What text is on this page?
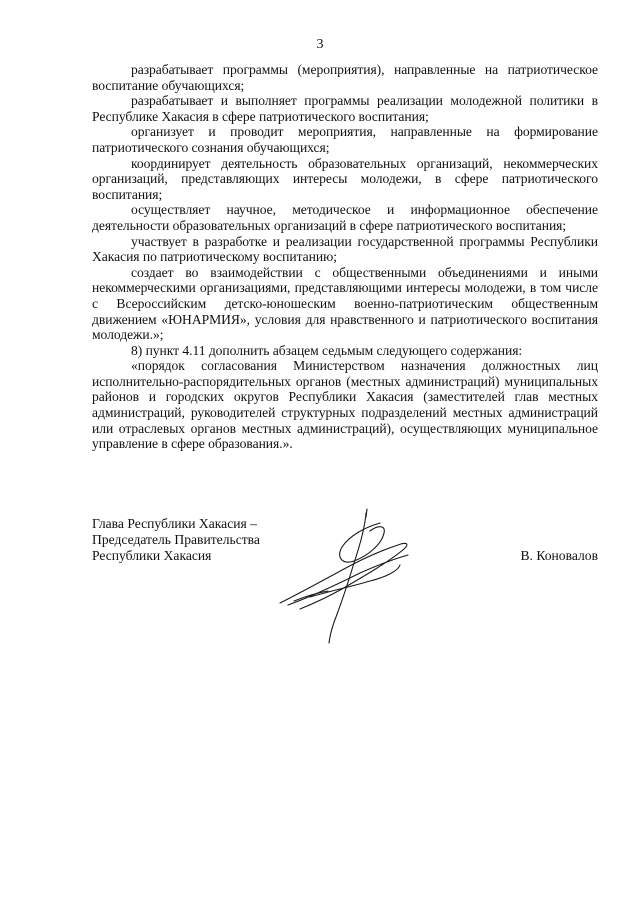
3

разрабатывает программы (мероприятия), направленные на патриотическое воспитание обучающихся;

разрабатывает и выполняет программы реализации молодежной политики в Республике Хакасия в сфере патриотического воспитания;

организует и проводит мероприятия, направленные на формирование патриотического сознания обучающихся;

координирует деятельность образовательных организаций, некоммерческих организаций, представляющих интересы молодежи, в сфере патриотического воспитания;

осуществляет научное, методическое и информационное обеспечение деятельности образовательных организаций в сфере патриотического воспитания;

участвует в разработке и реализации государственной программы Республики Хакасия по патриотическому воспитанию;

создает во взаимодействии с общественными объединениями и иными некоммерческими организациями, представляющими интересы молодежи, в том числе с Всероссийским детско-юношеским военно-патриотическим общественным движением «ЮНАРМИЯ», условия для нравственного и патриотического воспитания молодежи.»;

8) пункт 4.11 дополнить абзацем седьмым следующего содержания:

«порядок согласования Министерством назначения должностных лиц исполнительно-распорядительных органов (местных администраций) муниципальных районов и городских округов Республики Хакасия (заместителей глав местных администраций, руководителей структурных подразделений местных администраций или отраслевых органов местных администраций), осуществляющих муниципальное управление в сфере образования.».

Глава Республики Хакасия –
Председатель Правительства
Республики Хакасия	В. Коновалов
